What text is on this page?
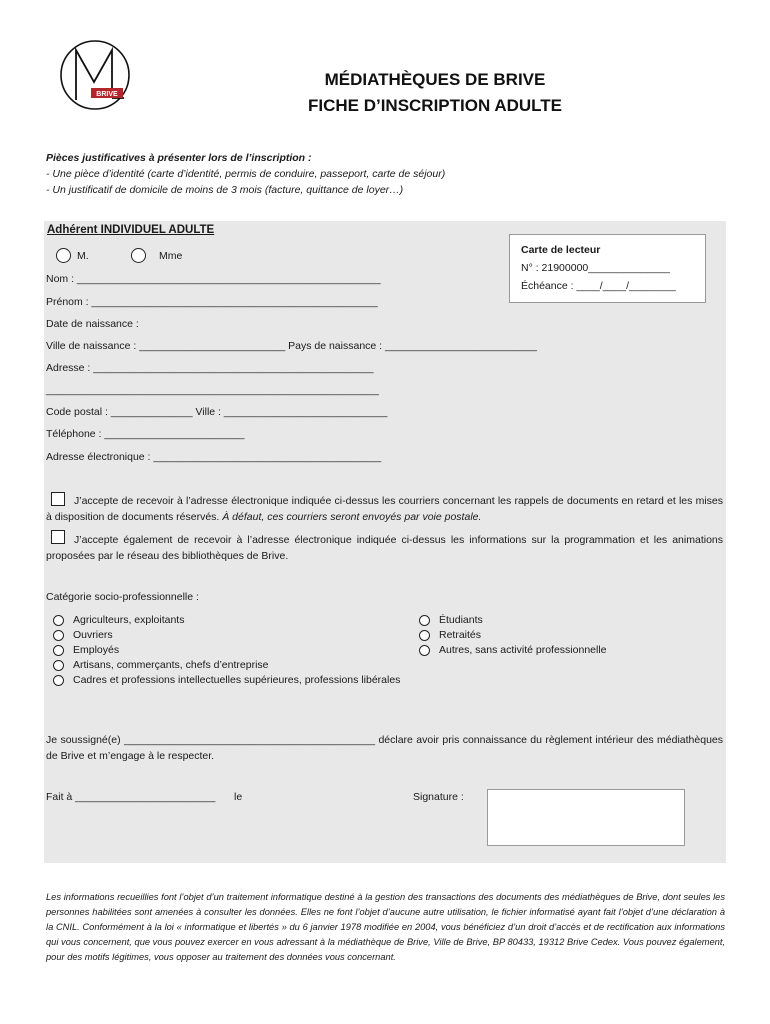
BRIVE
MÉDIATHÈQUES DE BRIVE
FICHE D’INSCRIPTION ADULTE
Pièces justificatives à présenter lors de l’inscription :
- Une pièce d’identité (carte d’identité, permis de conduire, passeport, carte de séjour)
- Un justificatif de domicile de moins de 3 mois (facture, quittance de loyer…)
Adhérent INDIVIDUEL ADULTE
M.	Mme	Carte de lecteur
N° : 21900000______________
Échéance : ____/____/________
Nom : ____________________________________________________
Prénom : _________________________________________________
Date de naissance :
Ville de naissance : _________________________ Pays de naissance : __________________________
Adresse : ________________________________________________
_________________________________________________________
Code postal : ______________ Ville : ____________________________
Téléphone : ________________________
Adresse électronique : _______________________________________
J’accepte de recevoir à l’adresse électronique indiquée ci-dessus les courriers concernant les rappels de documents en retard et les mises à disposition de documents réservés. À défaut, ces courriers seront envoyés par voie postale.
J’accepte également de recevoir à l’adresse électronique indiquée ci-dessus les informations sur la programmation et les animations proposées par le réseau des bibliothèques de Brive.
Catégorie socio-professionnelle :
Agriculteurs, exploitants
Ouvriers
Employés
Artisans, commerçants, chefs d’entreprise
Cadres et professions intellectuelles supérieures, professions libérales
Étudiants
Retraités
Autres, sans activité professionnelle
Je soussigné(e) ___________________________________________ déclare avoir pris connaissance du règlement intérieur des médiathèques de Brive et m’engage à le respecter.
Fait à ________________________ le	Signature :
Les informations recueillies font l’objet d’un traitement informatique destiné à la gestion des transactions des documents des médiathèques de Brive, dont seules les personnes habilitées sont amenées à consulter les données. Elles ne font l’objet d’aucune autre utilisation, le fichier informatisé ayant fait l’objet d’une déclaration à la CNIL. Conformément à la loi « informatique et libertés » du 6 janvier 1978 modifiée en 2004, vous bénéficiez d’un droit d’accès et de rectification aux informations qui vous concernent, que vous pouvez exercer en vous adressant à la médiathèque de Brive, Ville de Brive, BP 80433, 19312 Brive Cedex. Vous pouvez également, pour des motifs légitimes, vous opposer au traitement des données vous concernant.
